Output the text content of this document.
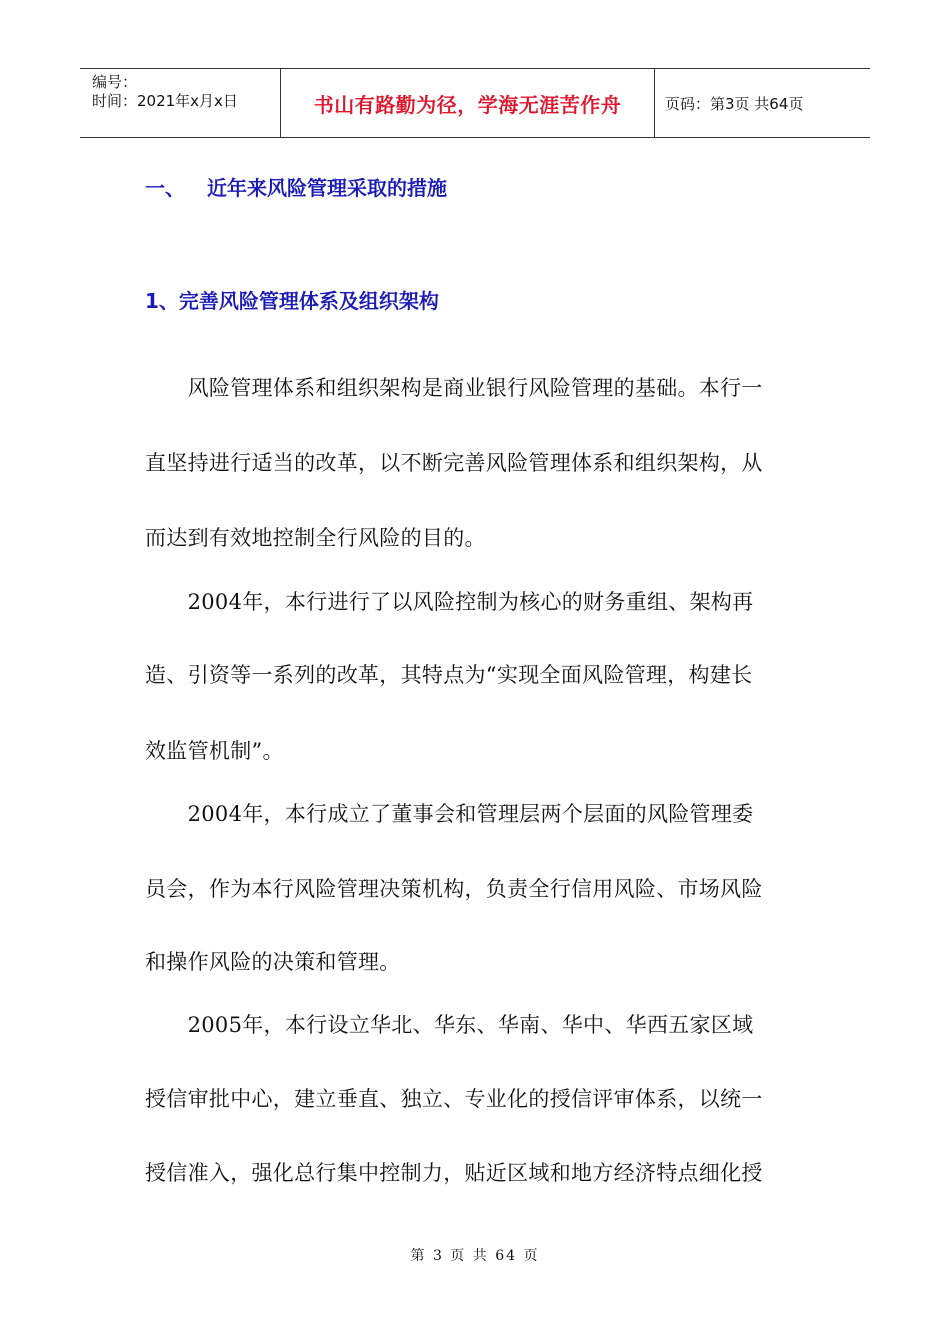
编号：
时间：2021年x月x日	书山有路勤为径，学海无涯苦作舟	页码：第3页 共64页
一、 近年来风险管理采取的措施
1、完善风险管理体系及组织架构
　　风险管理体系和组织架构是商业银行风险管理的基础。本行一
直坚持进行适当的改革，以不断完善风险管理体系和组织架构，从
而达到有效地控制全行风险的目的。
　　2004年，本行进行了以风险控制为核心的财务重组、架构再
造、引资等一系列的改革，其特点为“实现全面风险管理，构建长
效监管机制”。
　　2004年，本行成立了董事会和管理层两个层面的风险管理委
员会，作为本行风险管理决策机构，负责全行信用风险、市场风险
和操作风险的决策和管理。
　　2005年，本行设立华北、华东、华南、华中、华西五家区域
授信审批中心，建立垂直、独立、专业化的授信评审体系，以统一
授信准入，强化总行集中控制力，贴近区域和地方经济特点细化授
第 3 页 共 64 页
